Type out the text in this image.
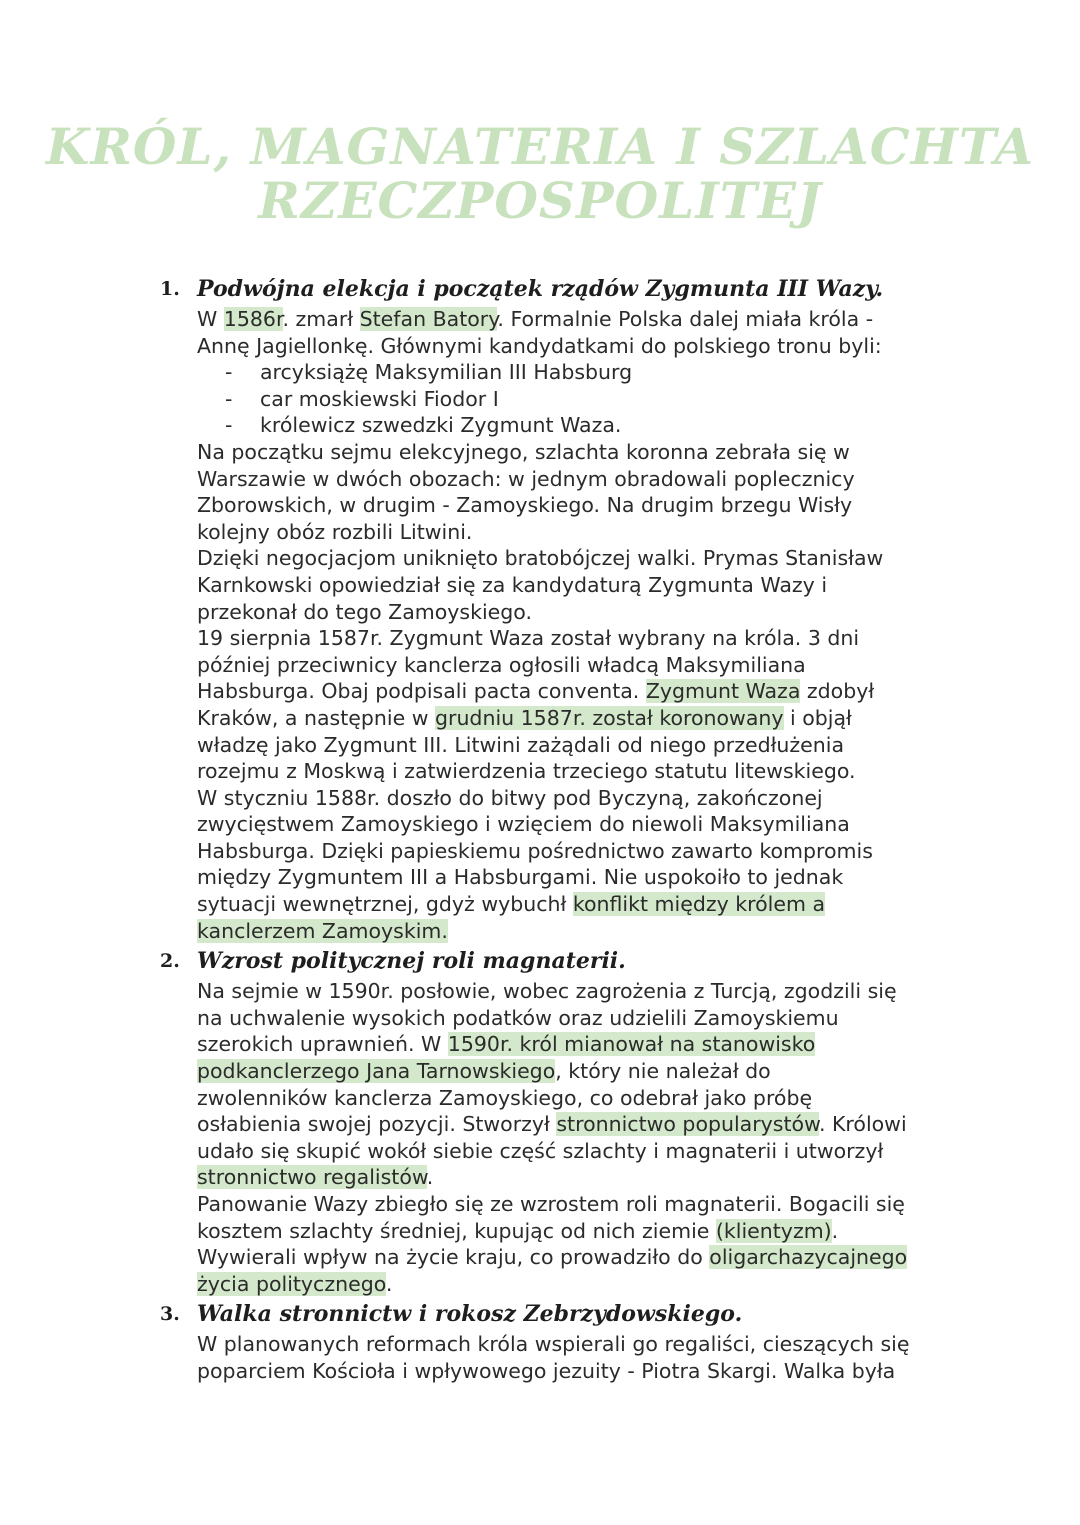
KRÓL, MAGNATERIA I SZLACHTA
RZECZPOSPOLITEJ
1. Podwójna elekcja i początek rządów Zygmunta III Wazy.
W 1586r. zmarł Stefan Batory. Formalnie Polska dalej miała króla -
Annę Jagiellonkę. Głównymi kandydatkami do polskiego tronu byli:
- arcyksiążę Maksymilian III Habsburg
- car moskiewski Fiodor I
- królewicz szwedzki Zygmunt Waza.
Na początku sejmu elekcyjnego, szlachta koronna zebrała się w
Warszawie w dwóch obozach: w jednym obradowali poplecznicy
Zborowskich, w drugim - Zamoyskiego. Na drugim brzegu Wisły
kolejny obóz rozbili Litwini.
Dzięki negocjacjom uniknięto bratobójczej walki. Prymas Stanisław
Karnkowski opowiedział się za kandydaturą Zygmunta Wazy i
przekonał do tego Zamoyskiego.
19 sierpnia 1587r. Zygmunt Waza został wybrany na króla. 3 dni
później przeciwnicy kanclerza ogłosili władcą Maksymiliana
Habsburga. Obaj podpisali pacta conventa. Zygmunt Waza zdobył
Kraków, a następnie w grudniu 1587r. został koronowany i objął
władzę jako Zygmunt III. Litwini zażądali od niego przedłużenia
rozejmu z Moskwą i zatwierdzenia trzeciego statutu litewskiego.
W styczniu 1588r. doszło do bitwy pod Byczyną, zakończonej
zwycięstwem Zamoyskiego i wzięciem do niewoli Maksymiliana
Habsburga. Dzięki papieskiemu pośrednictwo zawarto kompromis
między Zygmuntem III a Habsburgami. Nie uspokoiło to jednak
sytuacji wewnętrznej, gdyż wybuchł konflikt między królem a
kanclerzem Zamoyskim.
2. Wzrost politycznej roli magnaterii.
Na sejmie w 1590r. posłowie, wobec zagrożenia z Turcją, zgodzili się
na uchwalenie wysokich podatków oraz udzielili Zamoyskiemu
szerokich uprawnień. W 1590r. król mianował na stanowisko
podkanclerzego Jana Tarnowskiego, który nie należał do
zwolenników kanclerza Zamoyskiego, co odebrał jako próbę
osłabienia swojej pozycji. Stworzył stronnictwo popularystów. Królowi
udało się skupić wokół siebie część szlachty i magnaterii i utworzył
stronnictwo regalistów.
Panowanie Wazy zbiegło się ze wzrostem roli magnaterii. Bogacili się
kosztem szlachty średniej, kupując od nich ziemie (klientyzm).
Wywierali wpływ na życie kraju, co prowadziło do oligarchazycajnego
życia politycznego.
3. Walka stronnictw i rokosz Zebrzydowskiego.
W planowanych reformach króla wspierali go regaliści, cieszących się
poparciem Kościoła i wpływowego jezuity - Piotra Skargi. Walka była
